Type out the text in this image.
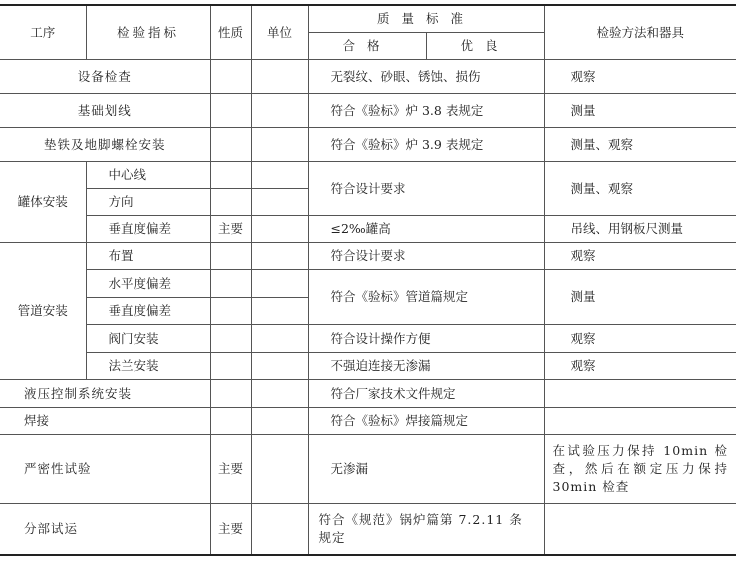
工序	检验指标	性质	单位	质量标准		检验方法和器具
				合格	优良	
设备检查				无裂纹、砂眼、锈蚀、损伤		观察
基础划线				符合《验标》炉 3.8 表规定		测量
垫铁及地脚螺栓安装				符合《验标》炉 3.9 表规定		测量、观察
罐体安装	中心线			符合设计要求		测量、观察
	方向					
	垂直度偏差	主要		≤2‰罐高		吊线、用钢板尺测量
管道安装	布置			符合设计要求		观察
	水平度偏差			符合《验标》管道篇规定		测量
	垂直度偏差					
	阀门安装			符合设计操作方便		观察
	法兰安装			不强迫连接无渗漏		观察
液压控制系统安装				符合厂家技术文件规定		
焊接				符合《验标》焊接篇规定		
严密性试验		主要		无渗漏		在试验压力保持 10min 检查，然后在额定压力保持 30min 检查
分部试运		主要		符合《规范》锅炉篇第 7.2.11 条规定		
